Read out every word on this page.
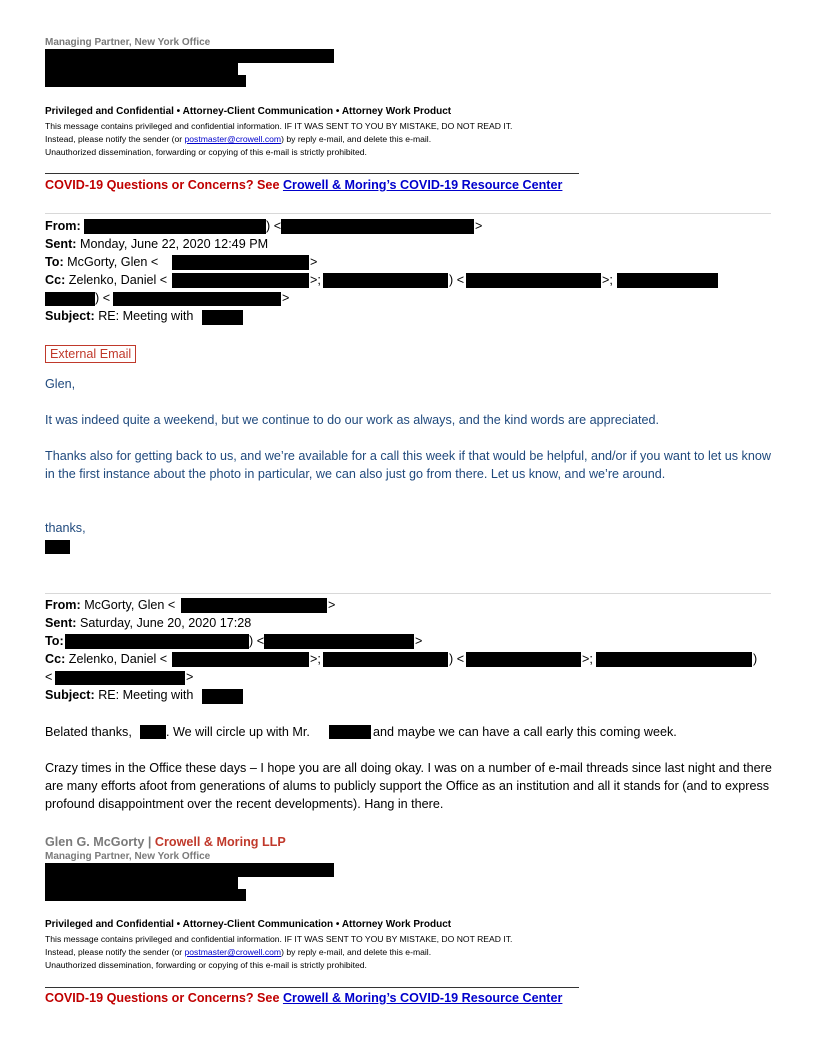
Managing Partner, New York Office
Privileged and Confidential • Attorney-Client Communication • Attorney Work Product
This message contains privileged and confidential information. IF IT WAS SENT TO YOU BY MISTAKE, DO NOT READ IT.
Instead, please notify the sender (or postmaster@crowell.com) by reply e-mail, and delete this e-mail.
Unauthorized dissemination, forwarding or copying of this e-mail is strictly prohibited.
COVID-19 Questions or Concerns? See Crowell & Moring’s COVID-19 Resource Center
From:	) <	>
Sent: Monday, June 22, 2020 12:49 PM
To: McGorty, Glen <	>
Cc: Zelenko, Daniel <	>;	) <	>;
) <	>
Subject: RE: Meeting with
External Email
Glen,
It was indeed quite a weekend, but we continue to do our work as always, and the kind words are appreciated.
Thanks also for getting back to us, and we’re available for a call this week if that would be helpful, and/or if you want to let us know in the first instance about the photo in particular, we can also just go from there. Let us know, and we’re around.
thanks,
From: McGorty, Glen <	>
Sent: Saturday, June 20, 2020 17:28
To:	) <	>
Cc: Zelenko, Daniel <	>;	) <	>;	)
<	>
Subject: RE: Meeting with
Belated thanks,	. We will circle up with Mr.	and maybe we can have a call early this coming week.
Crazy times in the Office these days – I hope you are all doing okay. I was on a number of e-mail threads since last night and there are many efforts afoot from generations of alums to publicly support the Office as an institution and all it stands for (and to express profound disappointment over the recent developments). Hang in there.
Glen G. McGorty | Crowell & Moring LLP
Managing Partner, New York Office
Privileged and Confidential • Attorney-Client Communication • Attorney Work Product
This message contains privileged and confidential information. IF IT WAS SENT TO YOU BY MISTAKE, DO NOT READ IT.
Instead, please notify the sender (or postmaster@crowell.com) by reply e-mail, and delete this e-mail.
Unauthorized dissemination, forwarding or copying of this e-mail is strictly prohibited.
COVID-19 Questions or Concerns? See Crowell & Moring’s COVID-19 Resource Center
